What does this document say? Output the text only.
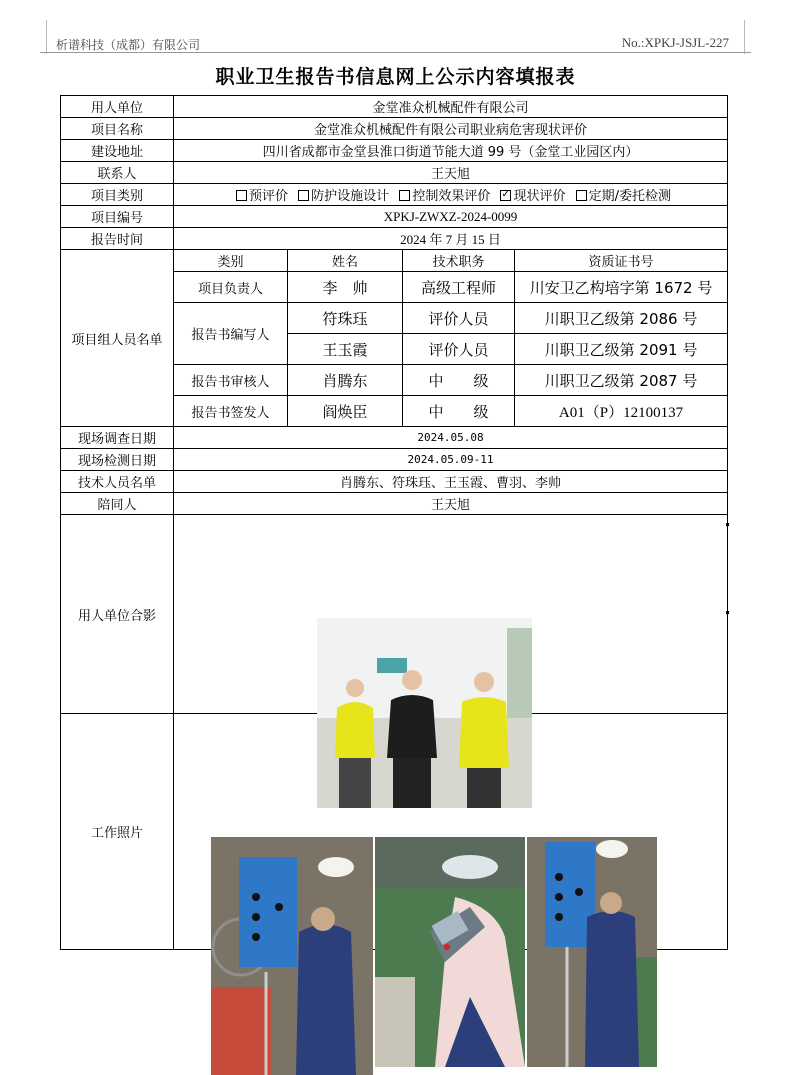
析谱科技（成都）有限公司	No.:XPKJ-JSJL-227
职业卫生报告书信息网上公示内容填报表
用人单位	金堂准众机械配件有限公司			
项目名称	金堂准众机械配件有限公司职业病危害现状评价			
建设地址	四川省成都市金堂县淮口街道节能大道 99 号（金堂工业园区内）			
联系人	王天旭			
项目类别	预评价 防护设施设计 控制效果评价 ✓ 现状评价 定期/委托检测
项目编号	XPKJ-ZWXZ-2024-0099			
报告时间	2024 年 7 月 15 日			
项目组人员名单	类别	姓名	技术职务	资质证书号
	项目负责人	李　帅	高级工程师	川安卫乙构培字第 1672 号
	报告书编写人	符珠珏	评价人员	川职卫乙级第 2086 号
		王玉霞	评价人员	川职卫乙级第 2091 号
	报告书审核人	肖腾东	中　　级	川职卫乙级第 2087 号
	报告书签发人	阎焕臣	中　　级	A01（P）12100137
现场调查日期	2024.05.08			
现场检测日期	2024.05.09-11			
技术人员名单	肖腾东、符珠珏、王玉霞、曹羽、李帅			
陪同人	王天旭			
用人单位合影	

工作照片	
